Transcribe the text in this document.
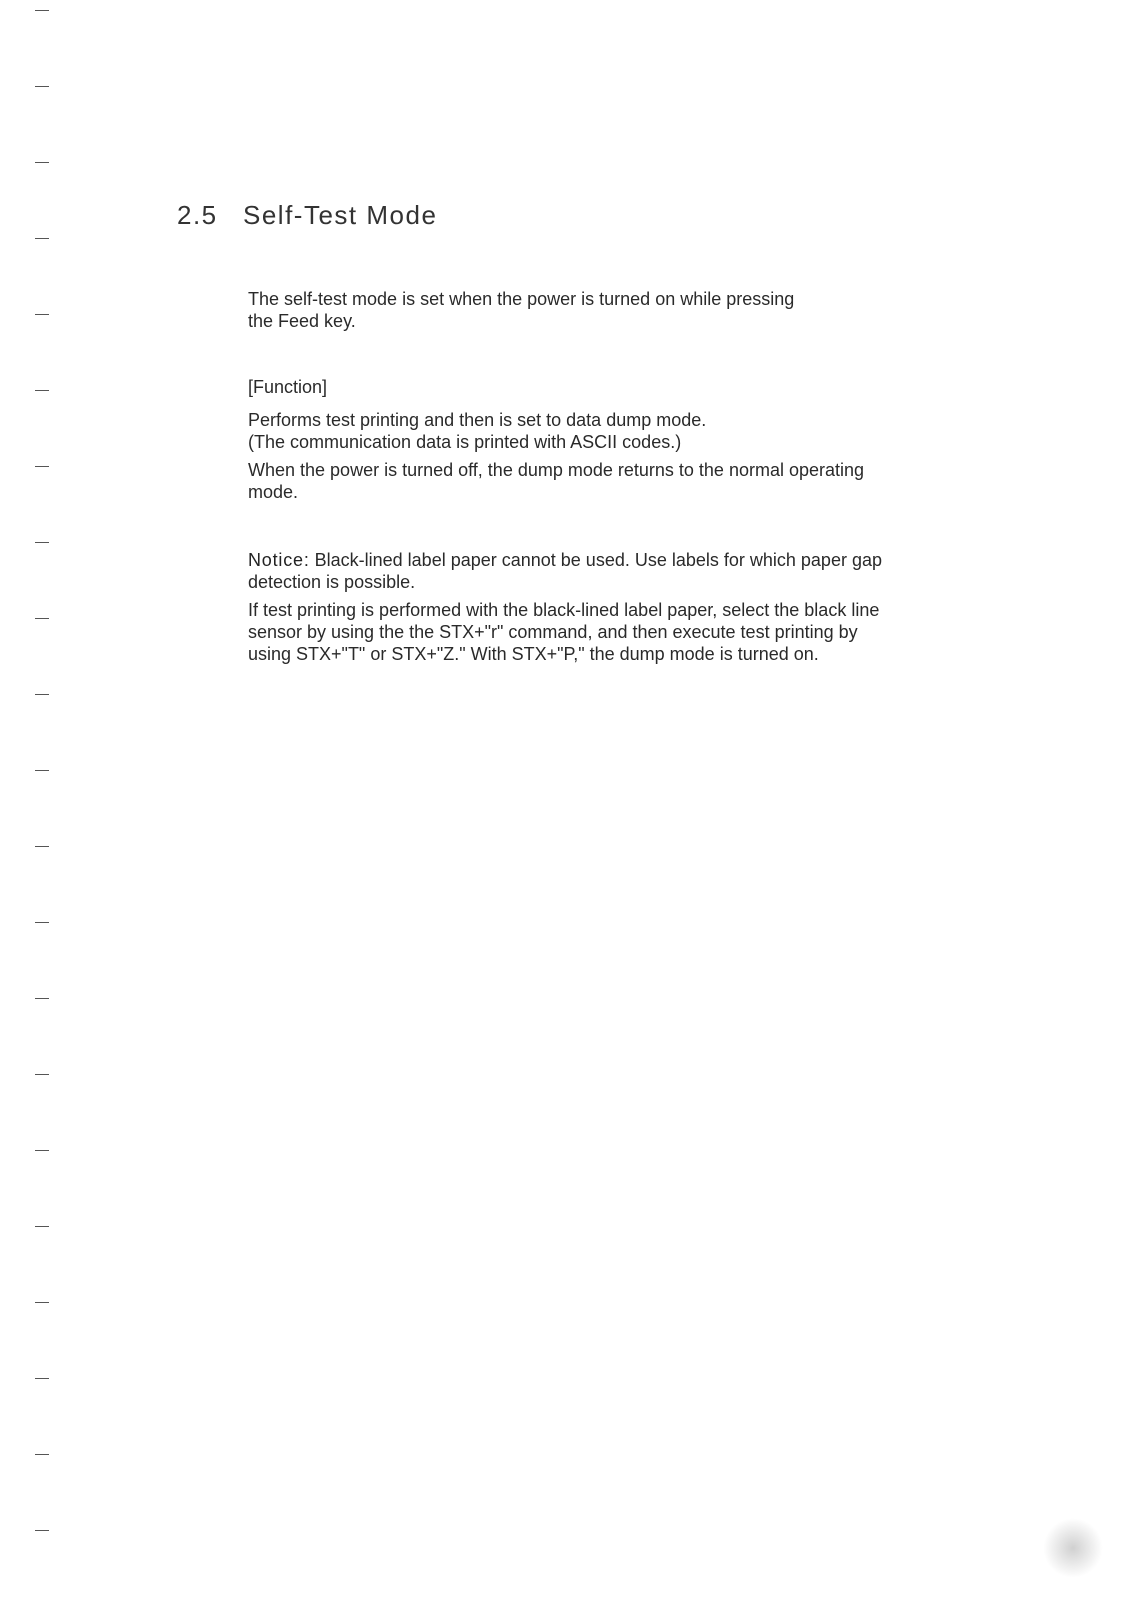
2.5 Self-Test Mode

The self-test mode is set when the power is turned on while pressing the Feed key.

[Function]

Performs test printing and then is set to data dump mode.

(The communication data is printed with ASCII codes.)

When the power is turned off, the dump mode returns to the normal operating mode.

Notice: Black-lined label paper cannot be used. Use labels for which paper gap detection is possible.

If test printing is performed with the black-lined label paper, select the black line sensor by using the the STX+"r" command, and then execute test printing by using STX+"T" or STX+"Z." With STX+"P," the dump mode is turned on.
